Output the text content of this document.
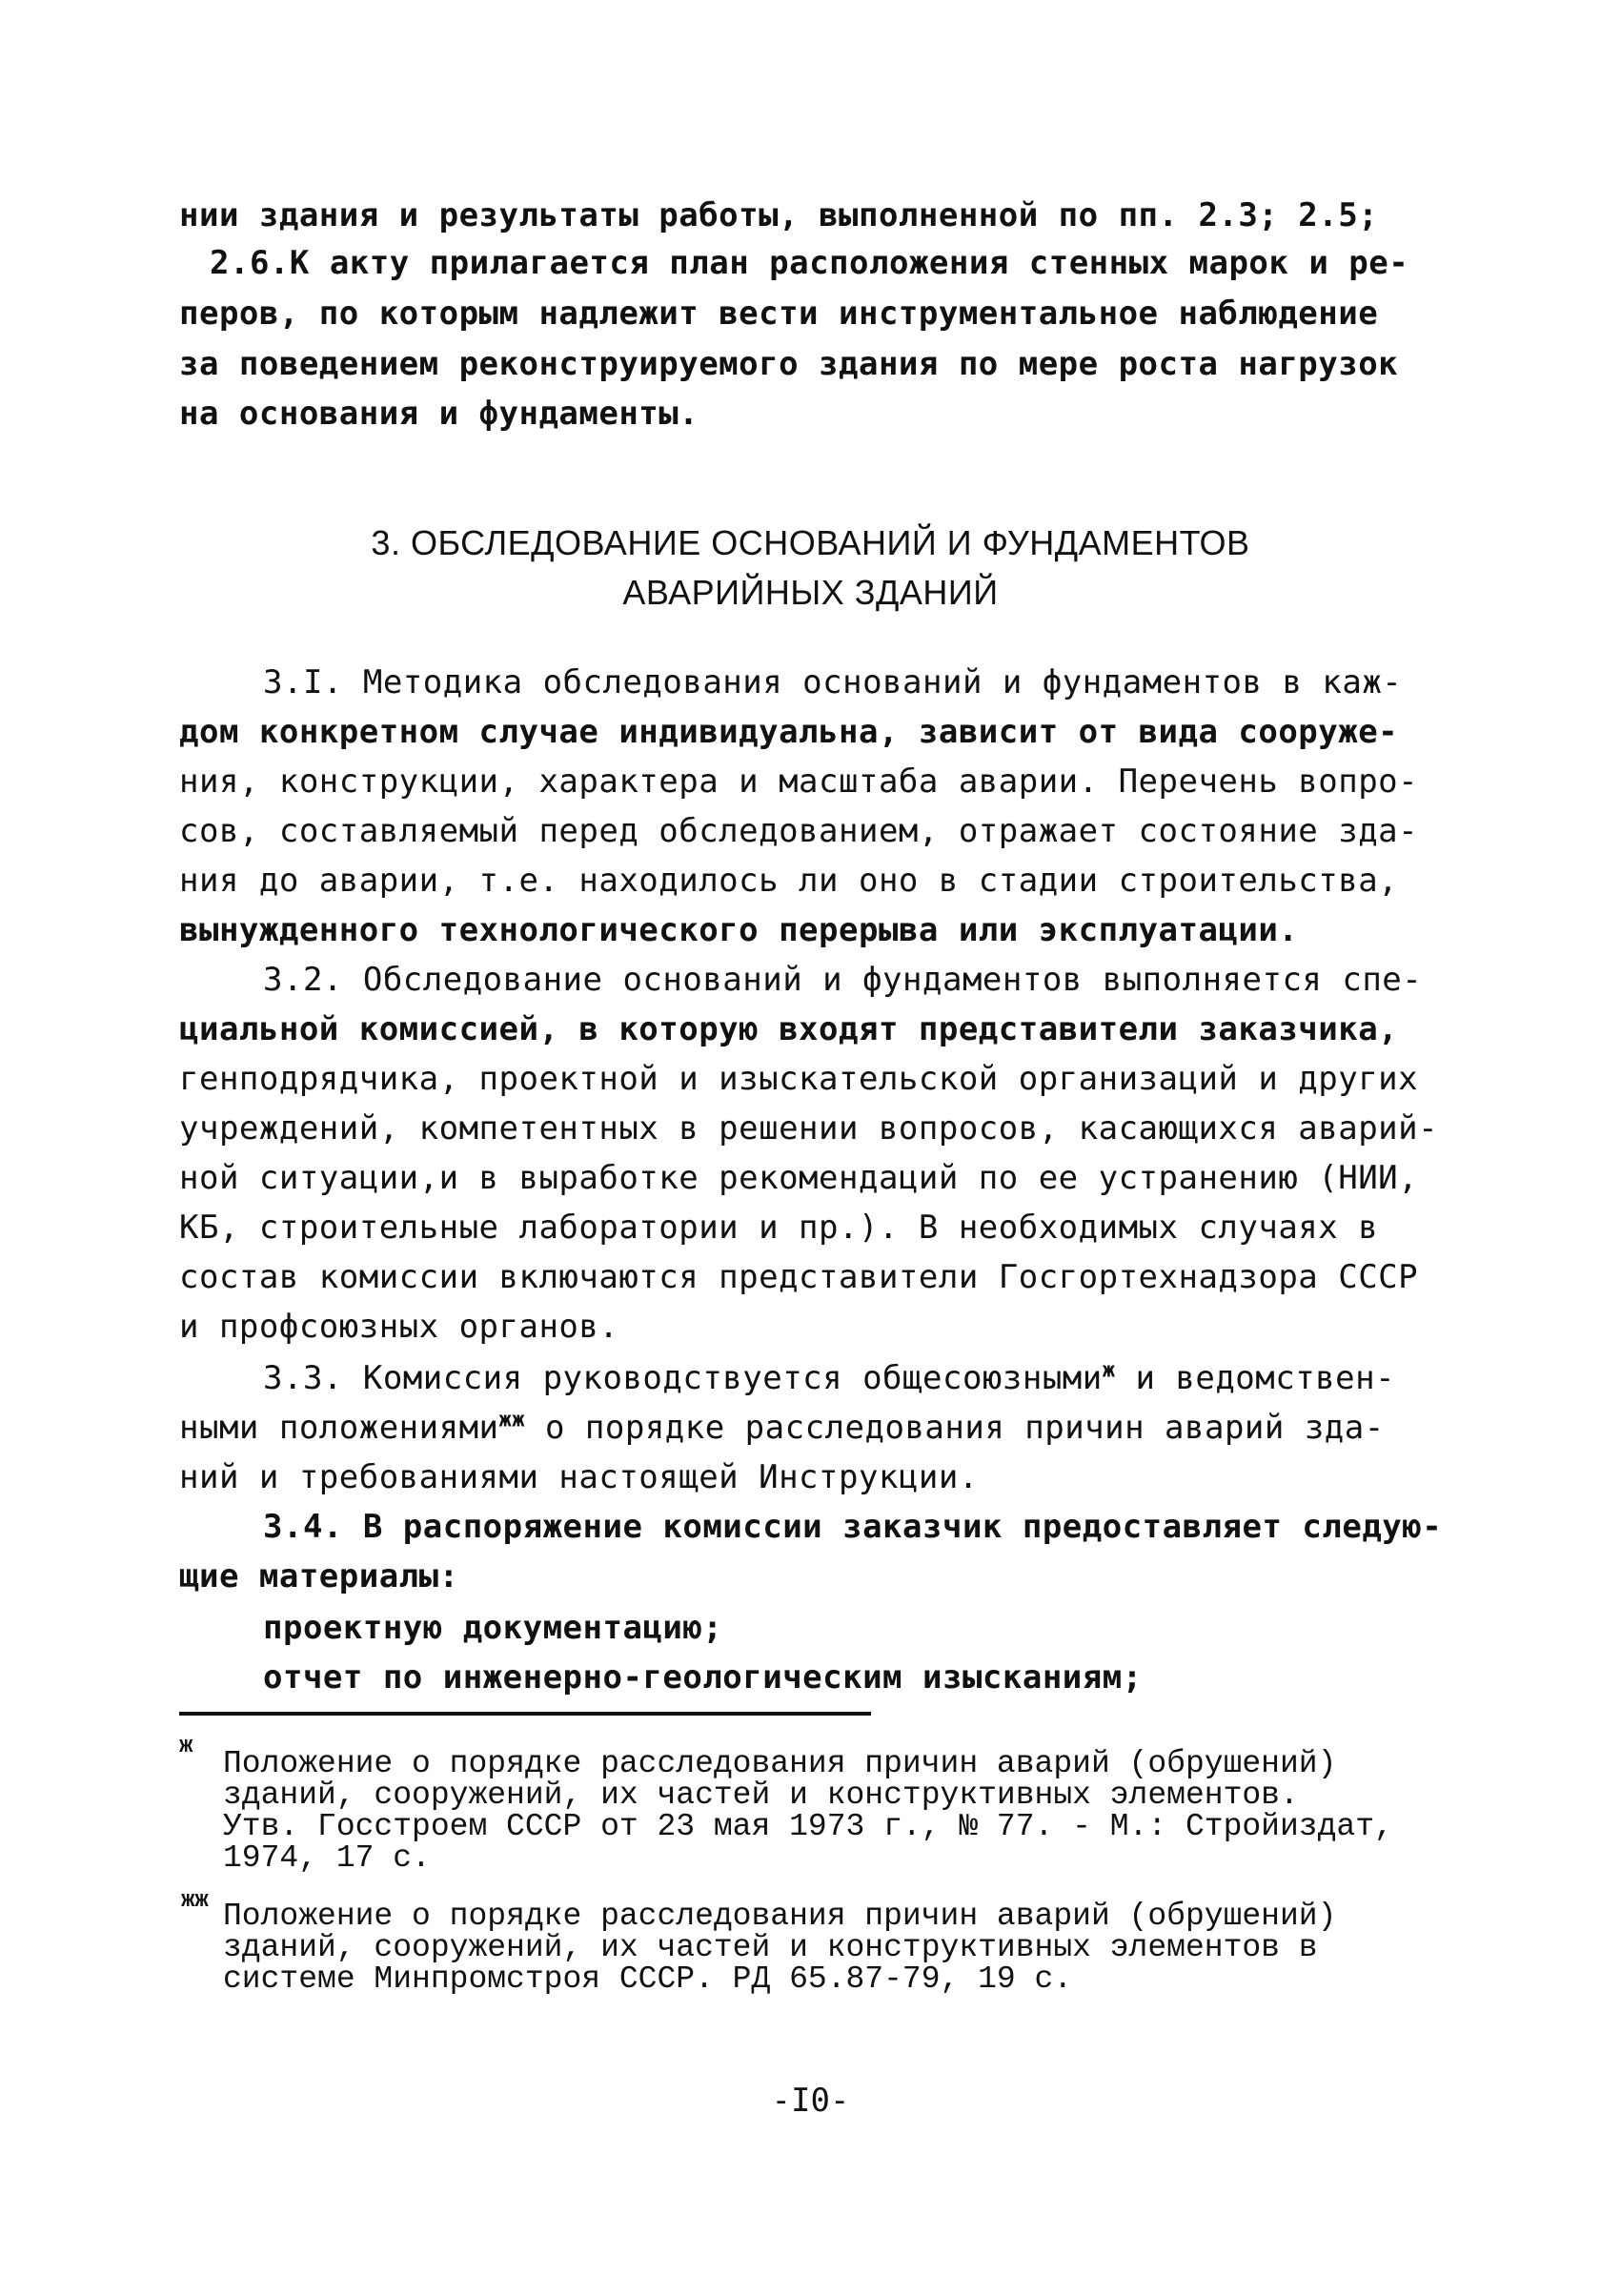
нии здания и результаты работы, выполненной по пп. 2.3; 2.5;
2.6.К акту прилагается план расположения стенных марок и ре-
перов, по которым надлежит вести инструментальное наблюдение
за поведением реконструируемого здания по мере роста нагрузок
на основания и фундаменты.
3. ОБСЛЕДОВАНИЕ ОСНОВАНИЙ И ФУНДАМЕНТОВ
АВАРИЙНЫХ ЗДАНИЙ
3.I. Методика обследования оснований и фундаментов в каж-
дом конкретном случае индивидуальна, зависит от вида сооруже-
ния, конструкции, характера и масштаба аварии. Перечень вопро-
сов, составляемый перед обследованием, отражает состояние зда-
ния до аварии, т.е. находилось ли оно в стадии строительства,
вынужденного технологического перерыва или эксплуатации.
3.2. Обследование оснований и фундаментов выполняется спе-
циальной комиссией, в которую входят представители заказчика,
генподрядчика, проектной и изыскательской организаций и других
учреждений, компетентных в решении вопросов, касающихся аварий-
ной ситуации,и в выработке рекомендаций по ее устранению (НИИ,
КБ, строительные лаборатории и пр.). В необходимых случаях в
состав комиссии включаются представители Госгортехнадзора СССР
и профсоюзных органов.
3.3. Комиссия руководствуется общесоюзными$^ж$ и ведомствен-
ными положениями$^{жж}$ о порядке расследования причин аварий зда-
ний и требованиями настоящей Инструкции.
3.4. В распоряжение комиссии заказчик предоставляет следую-
щие материалы:
проектную документацию;
отчет по инженерно-геологическим изысканиям;
ж Положение о порядке расследования причин аварий (обрушений)
зданий, сооружений, их частей и конструктивных элементов.
Утв. Госстроем СССР от 23 мая 1973 г., № 77. - М.: Стройиздат,
1974, 17 с.
жж Положение о порядке расследования причин аварий (обрушений)
зданий, сооружений, их частей и конструктивных элементов в
системе Минпромстроя СССР. РД 65.87-79, 19 с.
-I0-
